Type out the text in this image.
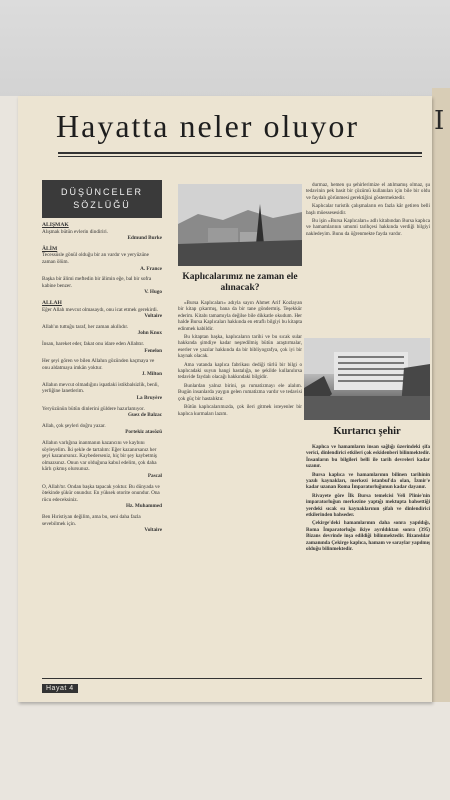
I
Hayatta neler oluyor
DÜŞÜNCELER
SÖZLÜĞÜ
ALIŞMAK
Alışmak bütün evlerin dindiriri.
Edmund Burke
ÂLİM
Tecessüsle gönül olduğu bir an vardır ve yeryüzüne zaman ölüm.
A. France
Başka bir âlimi meftedin bir âlimin eğe, bal bir sofra kabine benzer.
V. Hugo
ALLAH
Eğer Allah mevcut olmasaydı, onu icat etmek gerekirdi.
Voltaire
Allah'ın tuttuğu taraf, her zaman akıllıdır.
John Knox
İnsan, hareket eder, fakat onu idare eden Allahtır.
Fenelon
Her şeyi gören ve bilen Allahın gözünden kaçmaya ve onu aldatmaya imkân yoktur.
J. Milton
Allahın mevcut olmadığını ispatlaki istikbalsizlik, benli, yerliğine lanetlerim.
La Bruyère
Yeryüzünün bütün dinlerini güldere hazırlamıyor.
Guez de Balzac
Allah, çok şeyleri doğru yazar.
Portekiz atasözü
Allahın varlığına inanmanın kazancını ve kaybını söyleyelim. İki şekle de tartalım: Eğer kazanırsanız her şeyi kazanırsınız. Kaybederseniz, hiç bir şey kaybetmiş olmazsınız. Onun var olduğuna kabul edelim, çok daha kârlı çıkmış olursunuz.
Pascal
O, Allah'tır. Ondan başka tapacak yoktur. Bu dünyada ve ötekinde şükür onundur. En yüksek otorite onundur. Ona rücu edeceksiniz.
Hz. Muhammed
Ben Hıristiyan değilim, ama bu, seni daha fazla sevebilmek için.
Voltaire
Kaplıcalarımız ne zaman ele alınacak?

«Bursa Kaplıcaları» adıyla sayın Ahmet Arif Kozlayan bir kitap çıkarmış, bana da bir tane göndermiş. Teşekkür ederim. Kitabı tamamıyla değilse bile dikkatle okudum. Her halde Bursa Kaplıcaları hakkında en etraflı bilgiyi bu kitapta edinmek kabildir.

Bu kitaptan başka, kaplıcaların tarihi ve bu sıcak sular hakkında şimdiye kadar neşredilmiş bütün araştırmalar, eserler ve yazılar hakkında da bir bibliyografya, çok iyi bir kaynak olacak.

Ama vatanda kaplıca fabrikası dediği türlü bir bilgi o kaplıcadaki suyun hangi hastalığa, ne şekilde kullanılırsa tedavide faydalı olacağı hakkındaki bilgidir.

Bunlardan yalnız birini, şu rumatizmayı ele alalım. Bugün insanlarda yaygın gelen rumatizma vardır ve tedavisi çok güç bir hastalıktır.

Bütün kaplıcalarımızda, çok ileri gitmek isteyenler bir kaplıca kurmaları lazım.

durmaz, hemen şu şehirlerimize el atılmamış olmaz, şu tedavinin pek basit bir çözümü kullanılan için bile bir oldu ve faydalı görünmesi gerektiğini göstermektedir.

Kaplıcalar turistik çalışmaların en fazla kâr getiren belli başlı müessesesidir.

Bu işin «Bursa Kaplıcaları» adlı kitabından Bursa kaplıca ve hamamlarının umumi tarihçesi hakkında verdiği bilgiyi nakledeyim. Bunu da öğrenmekte fayda vardır.

Kurtarıcı şehir

Kaplıca ve hamamların insan sağlığı üzerindeki şifa verici, dinlendirici etkileri çok eskidenberi bilinmektedir. İnsanların bu bilgileri belli ile tarih devreleri kadar uzanır.

Bursa kaplıca ve hamamlarının bilinen tarihinin yazılı kaynakları, merkezi istanbul'da olan, İzmir'e kadar uzanan Roma İmparatorluğunun kadar dayanır.

Rivayete göre İlk Bursa temelcisi Veli Plinie'nin imparatorluğun merkezine yaptığı mektupta bahsettiği yerdeki sıcak su kaynaklarının şifalı ve dinlendirici etkilerinden bahseder.

Çekirge'deki hamamlarının daha sonra yapıldığı, Roma İmparatorluğu ikiye ayrıldıktan sonra (395) Bizans devrinde inşa edildiği bilinmektedir. Bizanslılar zamanında Çekirge kaplıca, hamam ve saraylar yapılmış olduğu bilinmektedir.

Hayat 4
